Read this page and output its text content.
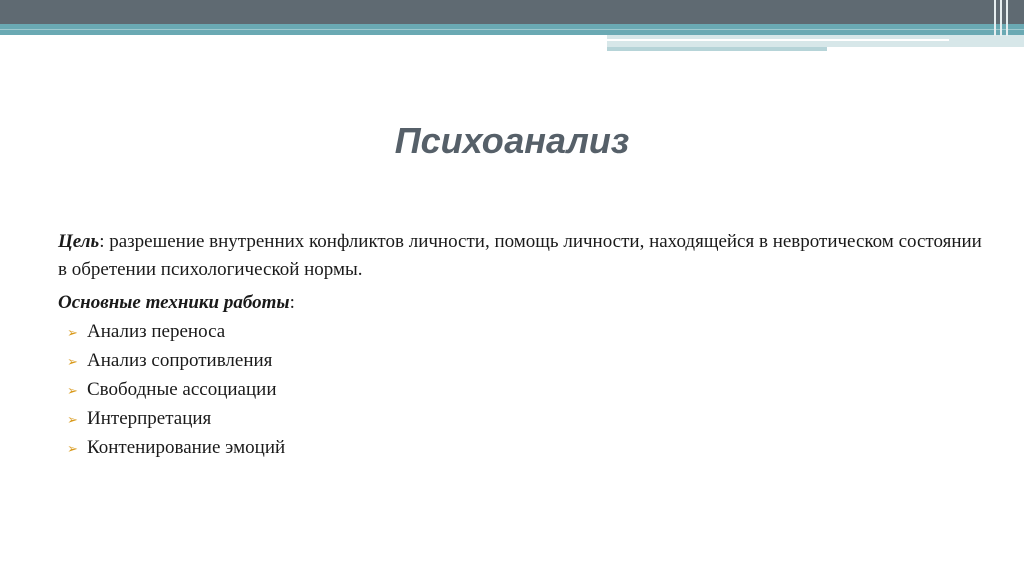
Психоанализ

Цель: разрешение внутренних конфликтов личности, помощь личности, находящейся в невротическом состоянии в обретении психологической нормы.

Основные техники работы:

➢ Анализ переноса
➢ Анализ сопротивления
➢ Свободные ассоциации
➢ Интерпретация
➢ Контенирование эмоций
